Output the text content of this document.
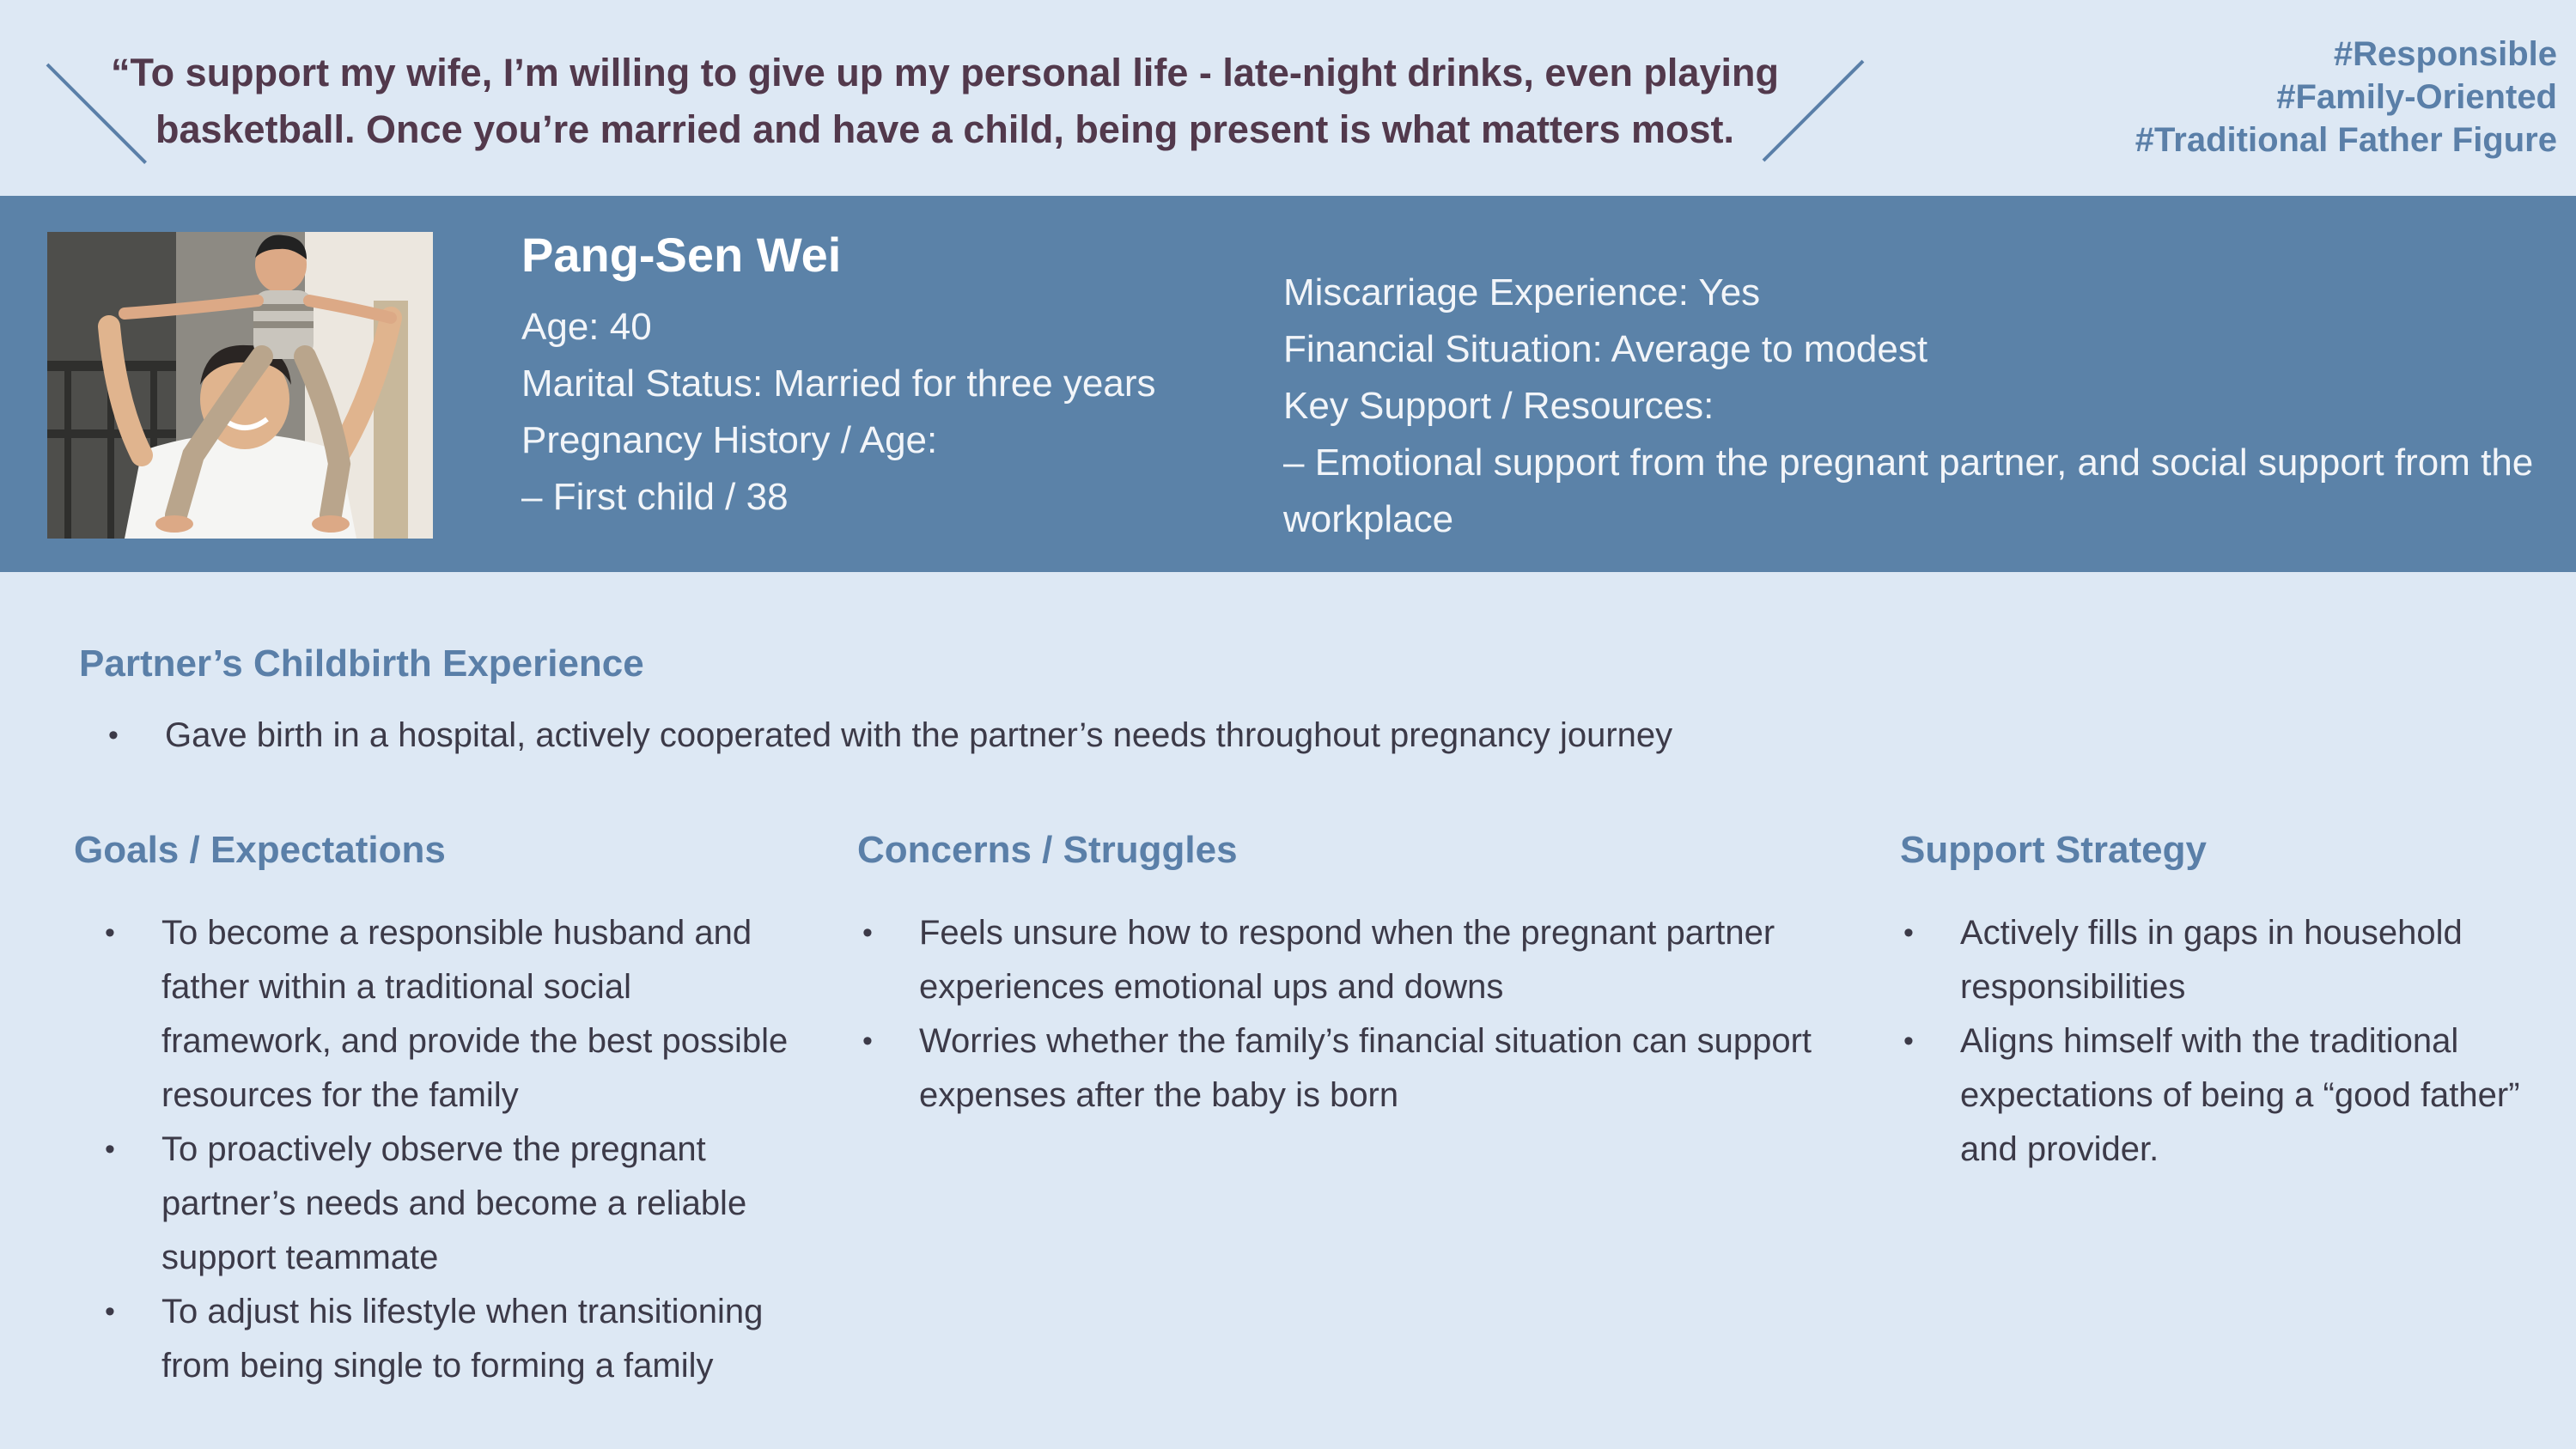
“To support my wife, I’m willing to give up my personal life - late-night drinks, even playing
basketball. Once you’re married and have a child, being present is what matters most.
#Responsible
#Family-Oriented
#Traditional Father Figure
Pang-Sen Wei
Age: 40
Marital Status: Married for three years
Pregnancy History / Age:
– First child / 38
Miscarriage Experience: Yes
Financial Situation: Average to modest
Key Support / Resources:
– Emotional support from the pregnant partner, and social support from the workplace
Partner’s Childbirth Experience
• Gave birth in a hospital, actively cooperated with the partner’s needs throughout pregnancy journey
Goals / Expectations
• To become a responsible husband and father within a traditional social framework, and provide the best possible resources for the family
• To proactively observe the pregnant partner’s needs and become a reliable support teammate
• To adjust his lifestyle when transitioning from being single to forming a family
Concerns / Struggles
• Feels unsure how to respond when the pregnant partner experiences emotional ups and downs
• Worries whether the family’s financial situation can support expenses after the baby is born
Support Strategy
• Actively fills in gaps in household responsibilities
• Aligns himself with the traditional expectations of being a “good father” and provider.
